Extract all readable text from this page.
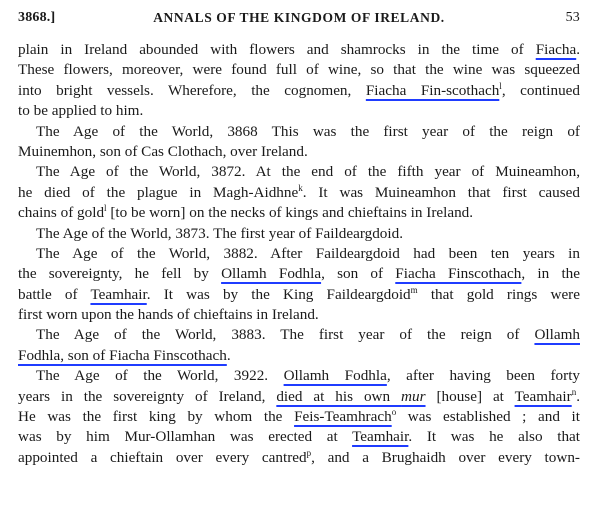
3868.]	ANNALS OF THE KINGDOM OF IRELAND.	53
plain in Ireland abounded with flowers and shamrocks in the time of Fiacha.
These flowers, moreover, were found full of wine, so that the wine was squeezed
into bright vessels. Wherefore, the cognomen, Fiacha Fin-scothach$^l$, continued
to be applied to him.
The Age of the World, 3868 This was the first year of the reign of
Muinemhon, son of Cas Clothach, over Ireland.
The Age of the World, 3872. At the end of the fifth year of Muineamhon,
he died of the plague in Magh-Aidhne$^k$. It was Muineamhon that first caused
chains of gold$^l$ [to be worn] on the necks of kings and chieftains in Ireland.
The Age of the World, 3873. The first year of Faildeargdoid.
The Age of the World, 3882. After Faildeargdoid had been ten years in
the sovereignty, he fell by Ollamh Fodhla, son of Fiacha Finscothach, in the
battle of Teamhair. It was by the King Faildeargdoid$^m$ that gold rings were
first worn upon the hands of chieftains in Ireland.
The Age of the World, 3883. The first year of the reign of Ollamh
Fodhla, son of Fiacha Finscothach.
The Age of the World, 3922. Ollamh Fodhla, after having been forty
years in the sovereignty of Ireland, died at his own mur [house] at Teamhair$^n$.
He was the first king by whom the Feis-Teamhrach$^o$ was established ; and it
was by him Mur-Ollamhan was erected at Teamhair. It was he also that
appointed a chieftain over every cantred$^p$, and a Brughaidh over every town-
